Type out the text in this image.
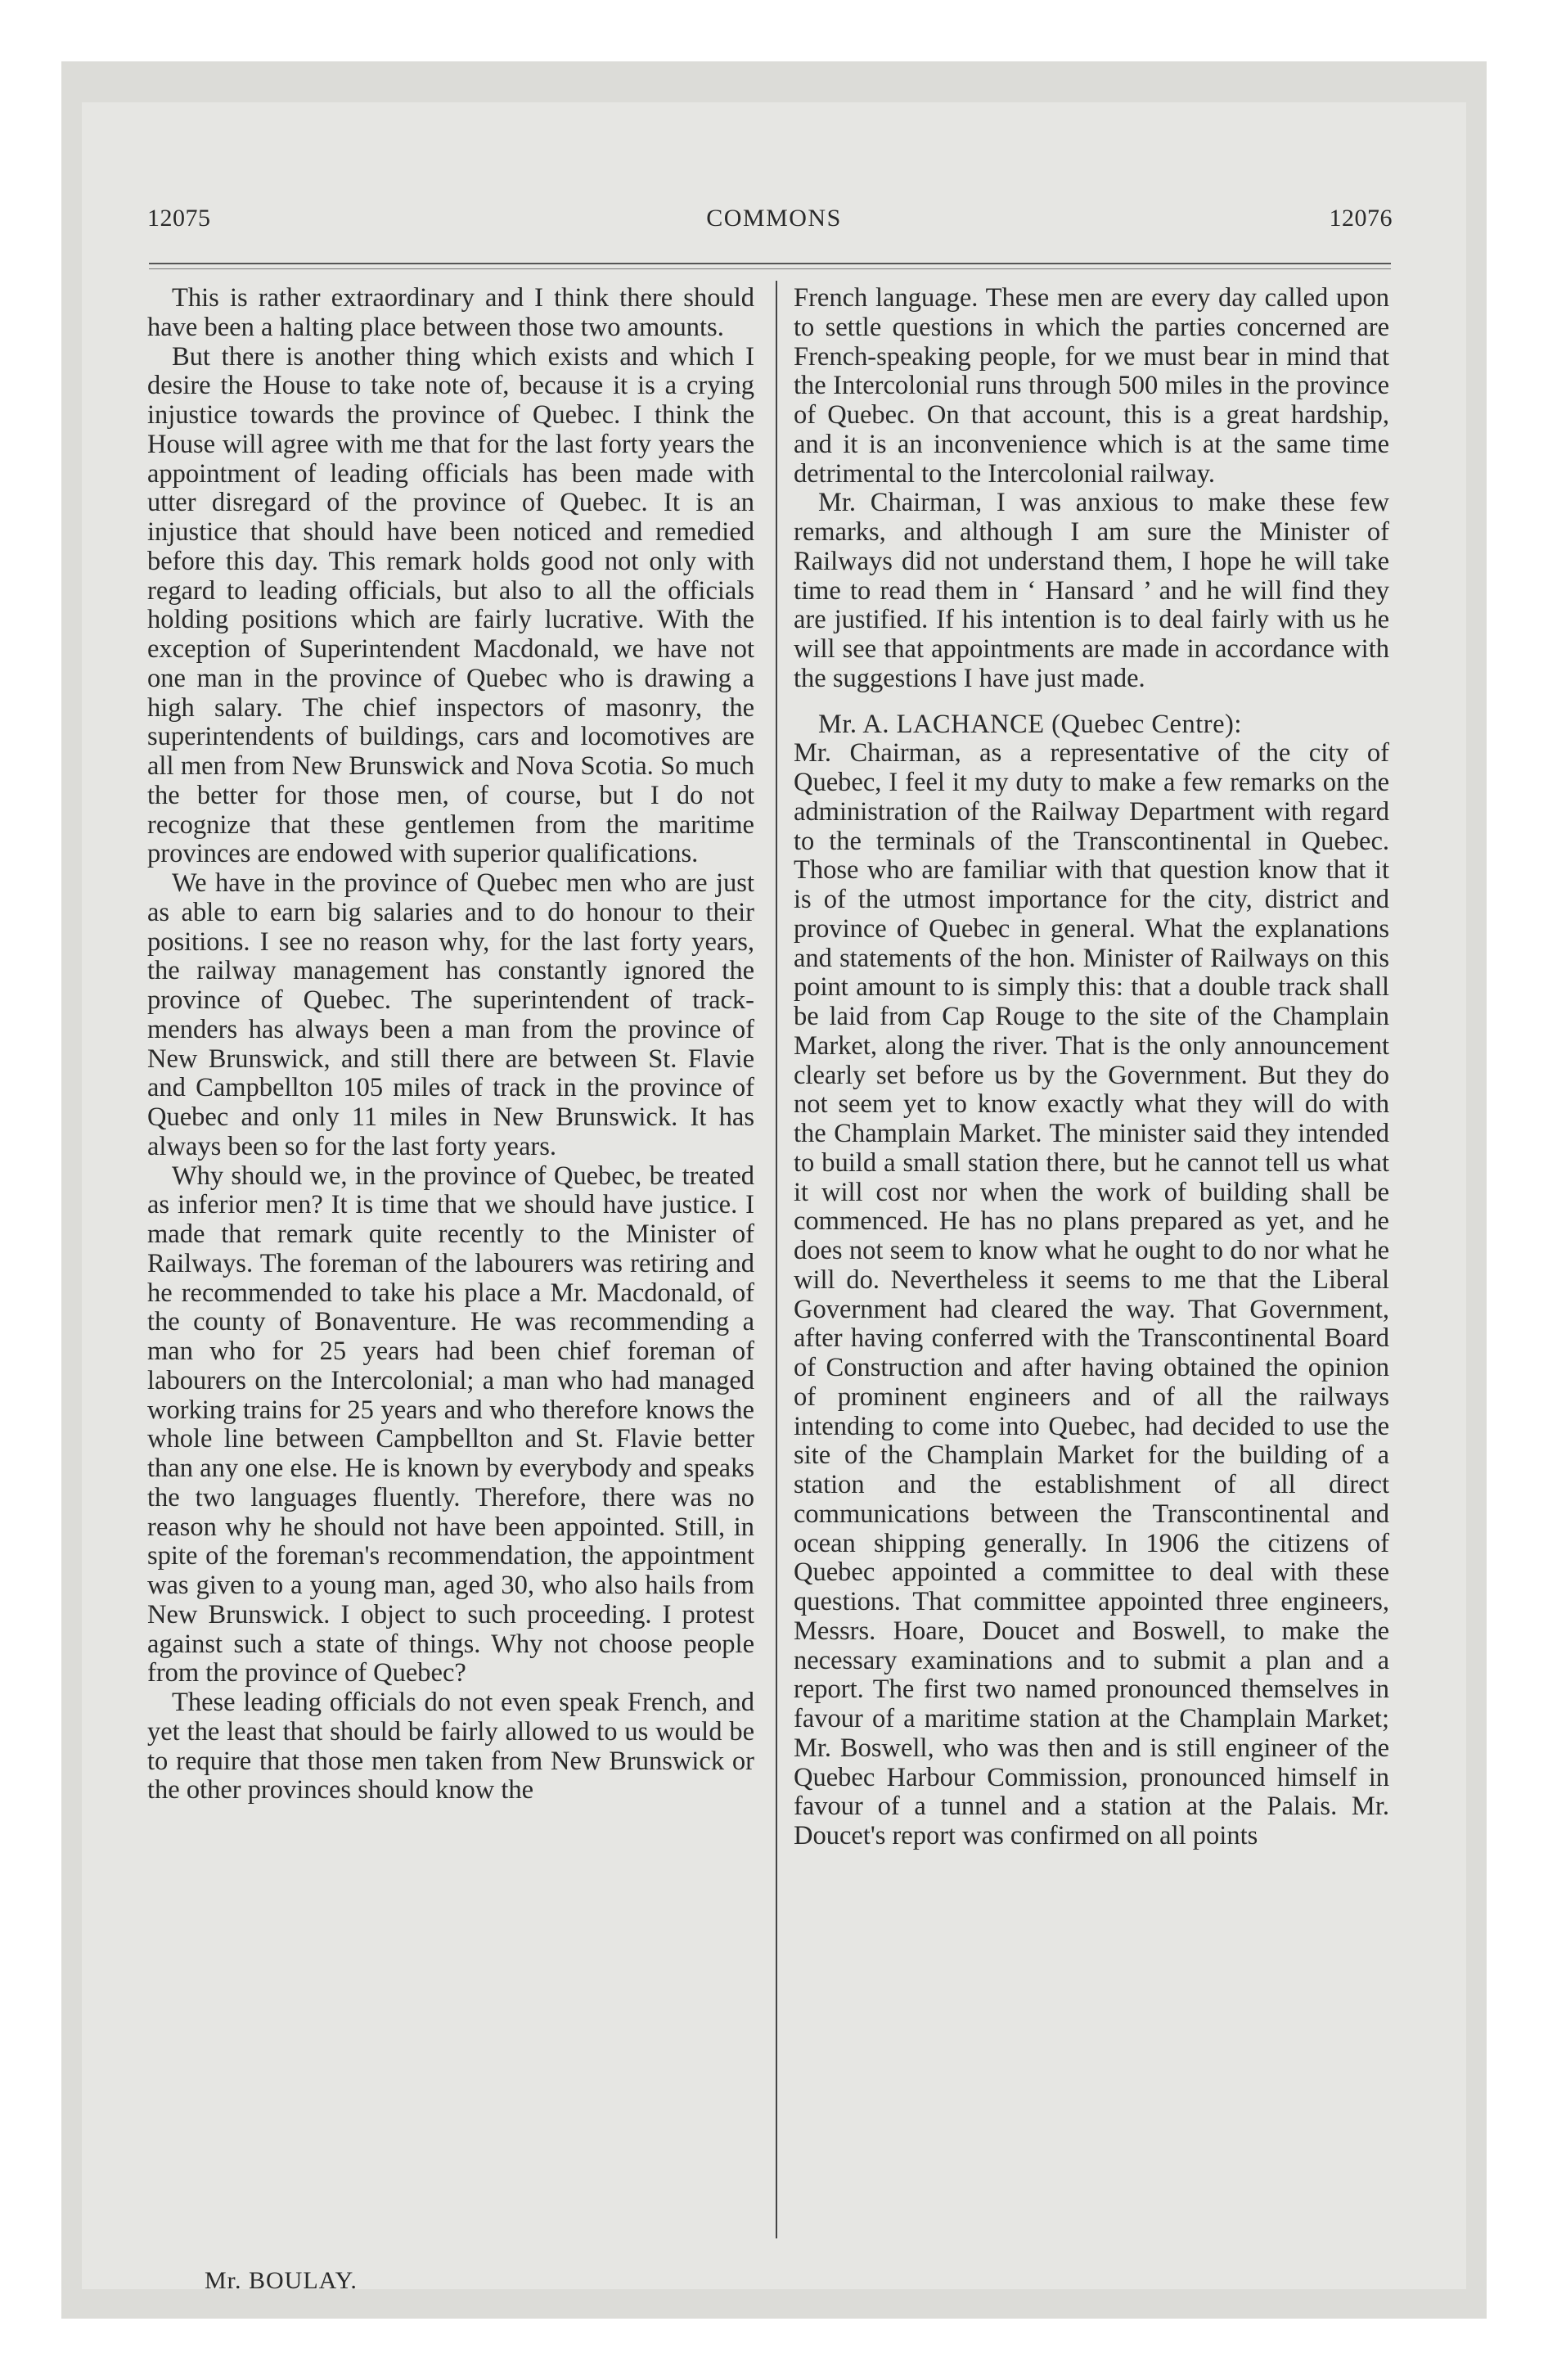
12075	COMMONS	12076

This is rather extraordinary and I think there should have been a halting place between those two amounts.

But there is another thing which exists and which I desire the House to take note of, because it is a crying injustice towards the province of Quebec. I think the House will agree with me that for the last forty years the appointment of leading officials has been made with utter disregard of the province of Quebec. It is an injustice that should have been noticed and remedied before this day. This remark holds good not only with regard to leading officials, but also to all the officials holding positions which are fairly lucrative. With the exception of Superintendent Macdonald, we have not one man in the province of Quebec who is drawing a high salary. The chief inspectors of masonry, the superintendents of buildings, cars and locomotives are all men from New Brunswick and Nova Scotia. So much the better for those men, of course, but I do not recognize that these gentlemen from the maritime provinces are endowed with superior qualifications.

We have in the province of Quebec men who are just as able to earn big salaries and to do honour to their positions. I see no reason why, for the last forty years, the railway management has constantly ignored the province of Quebec. The superintendent of track-menders has always been a man from the province of New Brunswick, and still there are between St. Flavie and Campbellton 105 miles of track in the province of Quebec and only 11 miles in New Brunswick. It has always been so for the last forty years.

Why should we, in the province of Quebec, be treated as inferior men? It is time that we should have justice. I made that remark quite recently to the Minister of Railways. The foreman of the labourers was retiring and he recommended to take his place a Mr. Macdonald, of the county of Bonaventure. He was recommending a man who for 25 years had been chief foreman of labourers on the Intercolonial; a man who had managed working trains for 25 years and who therefore knows the whole line between Campbellton and St. Flavie better than any one else. He is known by everybody and speaks the two languages fluently. Therefore, there was no reason why he should not have been appointed. Still, in spite of the foreman's recommendation, the appointment was given to a young man, aged 30, who also hails from New Brunswick. I object to such proceeding. I protest against such a state of things. Why not choose people from the province of Quebec?

These leading officials do not even speak French, and yet the least that should be fairly allowed to us would be to require that those men taken from New Brunswick or the other provinces should know the

French language. These men are every day called upon to settle questions in which the parties concerned are French-speaking people, for we must bear in mind that the Intercolonial runs through 500 miles in the province of Quebec. On that account, this is a great hardship, and it is an inconvenience which is at the same time detrimental to the Intercolonial railway.

Mr. Chairman, I was anxious to make these few remarks, and although I am sure the Minister of Railways did not understand them, I hope he will take time to read them in ‘ Hansard ’ and he will find they are justified. If his intention is to deal fairly with us he will see that appointments are made in accordance with the suggestions I have just made.

Mr. A. LACHANCE (Quebec Centre):

Mr. Chairman, as a representative of the city of Quebec, I feel it my duty to make a few remarks on the administration of the Railway Department with regard to the terminals of the Transcontinental in Quebec. Those who are familiar with that question know that it is of the utmost importance for the city, district and province of Quebec in general. What the explanations and statements of the hon. Minister of Railways on this point amount to is simply this: that a double track shall be laid from Cap Rouge to the site of the Champlain Market, along the river. That is the only announcement clearly set before us by the Government. But they do not seem yet to know exactly what they will do with the Champlain Market. The minister said they intended to build a small station there, but he cannot tell us what it will cost nor when the work of building shall be commenced. He has no plans prepared as yet, and he does not seem to know what he ought to do nor what he will do. Nevertheless it seems to me that the Liberal Government had cleared the way. That Government, after having conferred with the Transcontinental Board of Construction and after having obtained the opinion of prominent engineers and of all the railways intending to come into Quebec, had decided to use the site of the Champlain Market for the building of a station and the establishment of all direct communications between the Transcontinental and ocean shipping generally. In 1906 the citizens of Quebec appointed a committee to deal with these questions. That committee appointed three engineers, Messrs. Hoare, Doucet and Boswell, to make the necessary examinations and to submit a plan and a report. The first two named pronounced themselves in favour of a maritime station at the Champlain Market; Mr. Boswell, who was then and is still engineer of the Quebec Harbour Commission, pronounced himself in favour of a tunnel and a station at the Palais. Mr. Doucet's report was confirmed on all points

Mr. BOULAY.
